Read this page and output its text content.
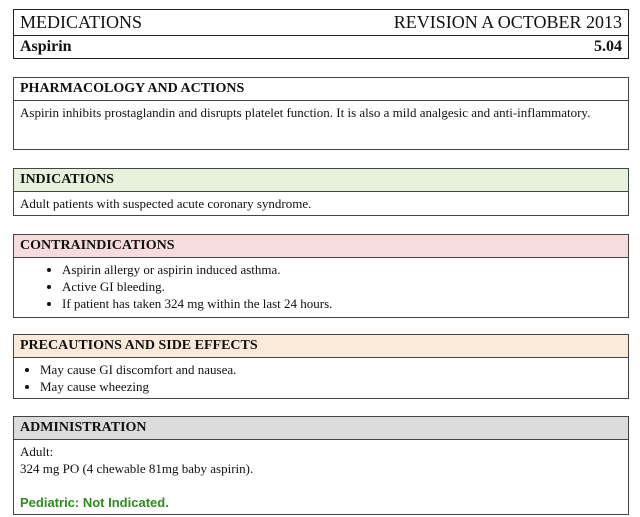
MEDICATIONS	REVISION A OCTOBER 2013
Aspirin	5.04
PHARMACOLOGY AND ACTIONS
Aspirin inhibits prostaglandin and disrupts platelet function. It is also a mild analgesic and anti-inflammatory.
INDICATIONS
Adult patients with suspected acute coronary syndrome.
CONTRAINDICATIONS
• Aspirin allergy or aspirin induced asthma.
• Active GI bleeding.
• If patient has taken 324 mg within the last 24 hours.
PRECAUTIONS AND SIDE EFFECTS
• May cause GI discomfort and nausea.
• May cause wheezing
ADMINISTRATION
Adult:
324 mg PO (4 chewable 81mg baby aspirin).
Pediatric: Not Indicated.
